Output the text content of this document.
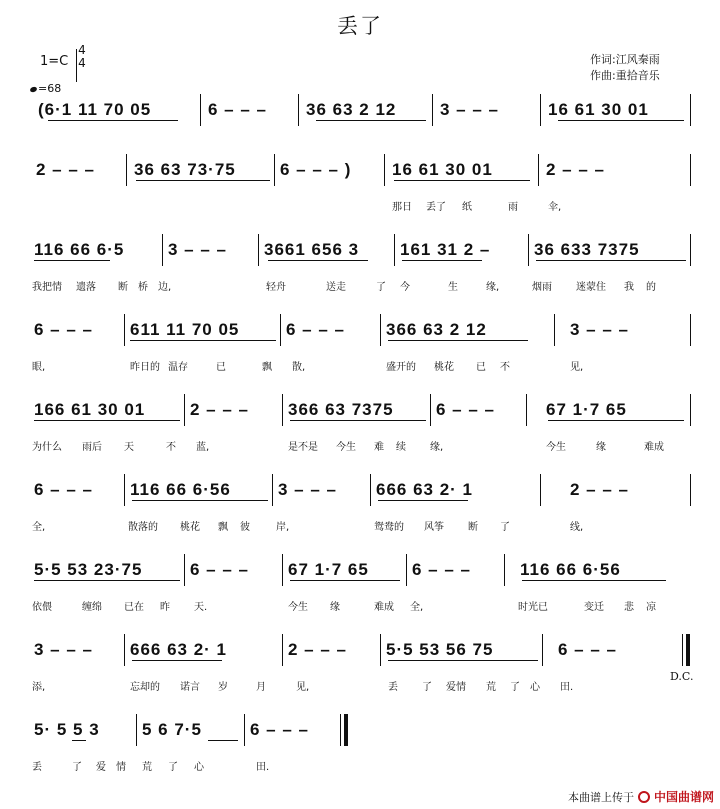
丢了
1=C
4
4
=68
作词:江风秦雨
作曲:重拾音乐
(6·1 11 70 05	6 – – – 36 63 2 12	3 – – –	16 61 30 01
2 – – – 36 63 73·75	6 – – – ) 16 61 30 01	2 – – –
那日 丢了 纸	雨	伞,
116 66 6·5	3 – – – 3661 656 3 161 31 2 –	36 633 7375
我把情 遗落 断 桥 边,	轻舟	送走	了 今	生	缘,	烟雨 迷蒙住 我 的
6 – – – 611 11 70 05	6 – – – 366 63 2 12	3 – – –
眼,	昨日的 温存	已	飘 散,	盛开的 桃花 已 不	见,
166 61 30 01	2 – – – 366 63 7375 6 – – –	67 1·7 65
为什么 雨后 天	不 蓝,	是不是 今生 难 续 缘,	今生	缘	难成
6 – – – 116 66 6·56	3 – – – 666 63 2· 1	2 – – –
全,	散落的 桃花 飘 彼	岸,	鸳鸯的 风筝 断 了	线,
5·5 53 23·75	6 – – – 67 1·7 65	6 – – –	116 66 6·56
依偎	缠绵 已在 昨 天.	今生 缘	难成 全,	时光已	变迁 悲 凉
3 – – – 666 63 2· 1	2 – – – 5·5 53 56 75	6 – – –
D.C.
添,	忘却的 诺言 岁	月	见,	丢 了 爱情 荒 了 心 田.
5· 5 5 3 5 6 7·5	6 – – –
丢	了 爱 情 荒 了 心	田.
本曲谱上传于 中国曲谱网
